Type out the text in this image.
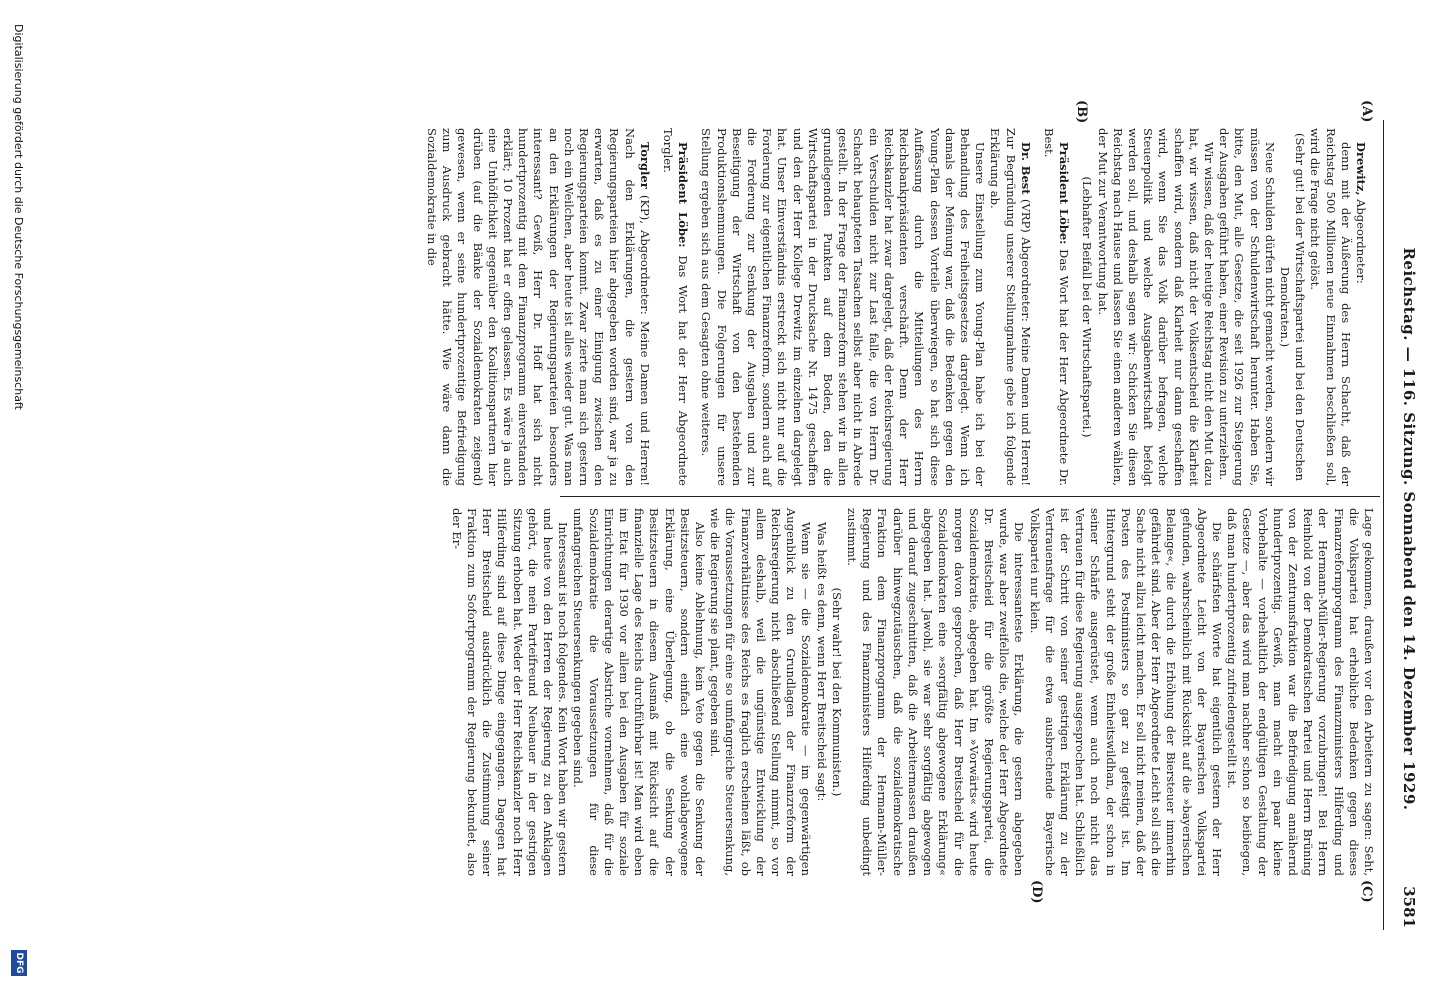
Reichstag. — 116. Sitzung. Sonnabend den 14. Dezember 1929.
3581
(A)
(B)
(C)
(D)

Drewitz, Abgeordneter:

denn mit der Äußerung des Herrn Schacht, daß der Reichstag 500 Millionen neue Einnahmen beschließen soll, wird die Frage nicht gelöst.

(Sehr gut! bei der Wirtschaftspartei und bei den Deutschen Demokraten.)

Neue Schulden dürfen nicht gemacht werden, sondern wir müssen von der Schuldenwirtschaft herunter. Haben Sie, bitte, den Mut, alle Gesetze, die seit 1926 zur Steigerung der Ausgaben geführt haben, einer Revision zu unterziehen.

Wir wissen, daß der heutige Reichstag nicht den Mut dazu hat, wir wissen, daß nicht der Volksentscheid die Klarheit schaffen wird, sondern daß Klarheit nur dann geschaffen wird, wenn Sie das Volk darüber befragen, welche Steuerpolitik und welche Ausgabenwirtschaft befolgt werden soll, und deshalb sagen wir: Schicken Sie diesen Reichstag nach Hause und lassen Sie einen anderen wählen, der Mut zur Verantwortung hat.

(Lebhafter Beifall bei der Wirtschaftspartei.)

Präsident Löbe: Das Wort hat der Herr Abgeordnete Dr. Best.

Dr. Best (VRP) Abgeordneter: Meine Damen und Herren! Zur Begründung unserer Stellungnahme gebe ich folgende Erklärung ab.

Unsere Einstellung zum Young-Plan habe ich bei der Behandlung des Freiheitsgesetzes dargelegt. Wenn ich damals der Meinung war, daß die Bedenken gegen den Young-Plan dessen Vorteile überwiegen, so hat sich diese Auffassung durch die Mitteilungen des Herrn Reichsbankpräsidenten verschärft. Denn der Herr Reichskanzler hat zwar dargelegt, daß der Reichsregierung ein Verschulden nicht zur Last falle, die von Herrn Dr. Schacht behaupteten Tatsachen selbst aber nicht in Abrede gestellt. In der Frage der Finanzreform stehen wir in allen grundlegenden Punkten auf dem Boden, den die Wirtschaftspartei in der Drucksache Nr. 1475 geschaffen und den der Herr Kollege Drewitz im einzelnen dargelegt hat. Unser Einverständnis erstreckt sich nicht nur auf die Forderung zur eigentlichen Finanzreform, sondern auch auf die Forderung zur Senkung der Ausgaben und zur Beseitigung der Wirtschaft von den bestehenden Produktionshemmungen. Die Folgerungen für unsere Stellung ergeben sich aus dem Gesagten ohne weiteres.

Präsident Löbe: Das Wort hat der Herr Abgeordnete Torgler.

Torgler (KP), Abgeordneter: Meine Damen und Herren! Nach den Erklärungen, die gestern von den Regierungsparteien hier abgegeben worden sind, war ja zu erwarten, daß es zu einer Einigung zwischen den Regierungsparteien kommt. Zwar zierte man sich gestern noch ein Weilchen, aber heute ist alles wieder gut. Was man an den Erklärungen der Regierungsparteien besonders interessant? Gewiß, Herr Dr. Hoff hat sich nicht hundertprozentig mit dem Finanzprogramm einverstanden erklärt; 10 Prozent hat er offen gelassen. Es wäre ja auch eine Unhöflichkeit gegenüber den Koalitionspartnern hier drüben (auf die Bänke der Sozialdemokraten zeigend) gewesen, wenn er seine hundertprozentige Befriedigung zum Ausdruck gebracht hätte. Wie wäre dann die Sozialdemokratie in die

Lage gekommen, draußen vor den Arbeitern zu sagen: Seht, die Volkspartei hat erhebliche Bedenken gegen dieses Finanzreformprogramm des Finanzministers Hilferding und der Hermann-Müller-Regierung vorzubringen! Bei Herrn Reinhold von der Demokratischen Partei und Herrn Brüning von der Zentrumsfraktion war die Befriedigung annähernd hundertprozentig. Gewiß, man macht ein paar kleine Vorbehalte — vorbehaltlich der endgültigen Gestaltung der Gesetze —, aber das wird man nachher schon so beibiegen, daß man hundertprozentig zufriedengestellt ist.

Die schärfsten Worte hat eigentlich gestern der Herr Abgeordnete Leicht von der Bayerischen Volkspartei gefunden, wahrscheinlich mit Rücksicht auf die »bayerischen Belange«, die durch die Erhöhung der Biersteuer immerhin gefährdet sind. Aber der Herr Abgeordnete Leicht soll sich die Sache nicht allzu leicht machen. Er soll nicht meinen, daß der Posten des Postministers so gar zu gefestigt ist. Im Hintergrund steht der große Einheitswildhan, der schon in seiner Schärfe ausgerüstet, wenn auch noch nicht das Vertrauen für diese Regierung ausgesprochen hat. Schließlich ist der Schritt von seiner gestrigen Erklärung zu der Vertrauensfrage für die etwa ausbrechende Bayerische Volkspartei nur klein.

Die interessanteste Erklärung, die gestern abgegeben wurde, war aber zweifellos die, welche der Herr Abgeordnete Dr. Breitscheid für die größte Regierungspartei, die Sozialdemokratie, abgegeben hat. Im »Vorwärts« wird heute morgen davon gesprochen, daß Herr Breitscheid für die Sozialdemokraten eine »sorgfältig abgewogene Erklärung« abgegeben hat. Jawohl, sie war sehr sorgfältig abgewogen und darauf zugeschnitten, daß die Arbeitermassen draußen darüber hinwegzutäuschen, daß die sozialdemokratische Fraktion dem Finanzprogramm der Hermann-Müller-Regierung und des Finanzministers Hilferding unbedingt zustimmt.

(Sehr wahr! bei den Kommunisten.)

Was heißt es denn, wenn Herr Breitscheid sagt:

Wenn sie — die Sozialdemokratie — im gegenwärtigen Augenblick zu den Grundlagen der Finanzreform der Reichsregierung nicht abschließend Stellung nimmt, so vor allem deshalb, weil die ungünstige Entwicklung der Finanzverhältnisse des Reichs es fraglich erscheinen läßt, ob die Voraussetzungen für eine so umfangreiche Steuersenkung, wie die Regierung sie plant, gegeben sind.

Also keine Ablehnung, kein Veto gegen die Senkung der Besitzsteuern, sondern einfach eine wohlabgewogene Erklärung, eine Überlegung, ob die Senkung der Besitzsteuern in diesem Ausmaß mit Rücksicht auf die finanzielle Lage des Reichs durchführbar ist! Man wird eben im Etat für 1930 vor allem bei den Ausgaben für soziale Einrichtungen derartige Abstriche vornehmen, daß für die Sozialdemokratie die Voraussetzungen für diese umfangreichen Steuersenkungen gegeben sind.

Interessant ist noch folgendes. Kein Wort haben wir gestern und heute von den Herren der Regierung zu den Anklagen gehört, die mein Parteifreund Neubauer in der gestrigen Sitzung erhoben hat. Weder der Herr Reichskanzler noch Herr Hilferding sind auf diese Dinge eingegangen. Dagegen hat Herr Breitscheid ausdrücklich die Zustimmung seiner Fraktion zum Sofortprogramm der Regierung bekundet, also der Er-

Digitalisierung gefördert durch die Deutsche Forschungsgemeinschaft
DFG
